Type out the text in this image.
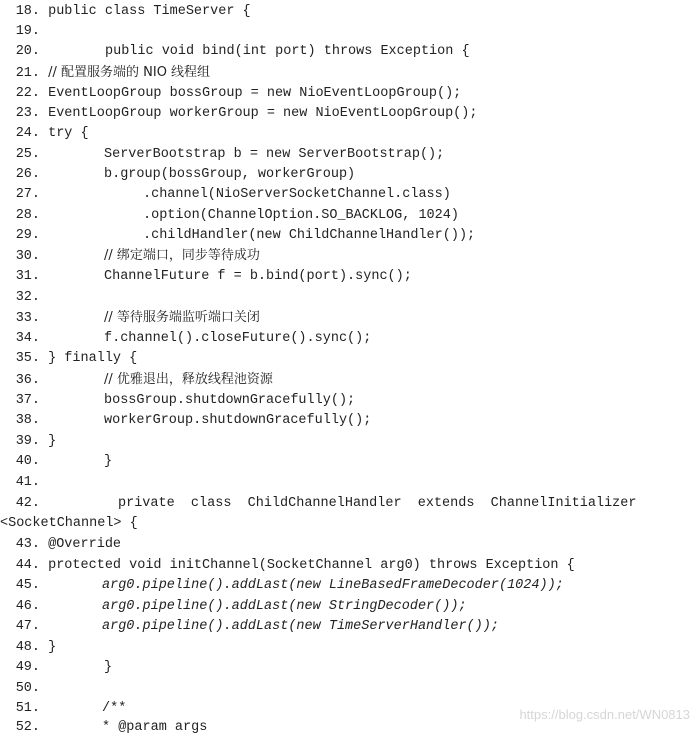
18. public class TimeServer {
19.
20.	public void bind(int port) throws Exception {
21. // 配置服务端的 NIO 线程组
22. EventLoopGroup bossGroup = new NioEventLoopGroup();
23. EventLoopGroup workerGroup = new NioEventLoopGroup();
24. try {
25.	ServerBootstrap b = new ServerBootstrap();
26.	b.group(bossGroup, workerGroup)
27.	.channel(NioServerSocketChannel.class)
28.	.option(ChannelOption.SO_BACKLOG, 1024)
29.	.childHandler(new ChildChannelHandler());
30.	// 绑定端口，同步等待成功
31.	ChannelFuture f = b.bind(port).sync();
32.
33.	// 等待服务端监听端口关闭
34.	f.channel().closeFuture().sync();
35. } finally {
36.	// 优雅退出，释放线程池资源
37.	bossGroup.shutdownGracefully();
38.	workerGroup.shutdownGracefully();
39. }
40.	}
41.
42.	private  class  ChildChannelHandler  extends  ChannelInitializer
<SocketChannel> {
43. @Override
44. protected void initChannel(SocketChannel arg0) throws Exception {
45.	arg0.pipeline().addLast(new LineBasedFrameDecoder(1024));
46.	arg0.pipeline().addLast(new StringDecoder());
47.	arg0.pipeline().addLast(new TimeServerHandler());
48. }
49.	}
50.
51.	/**
52.	* @param args
https://blog.csdn.net/WN0813
